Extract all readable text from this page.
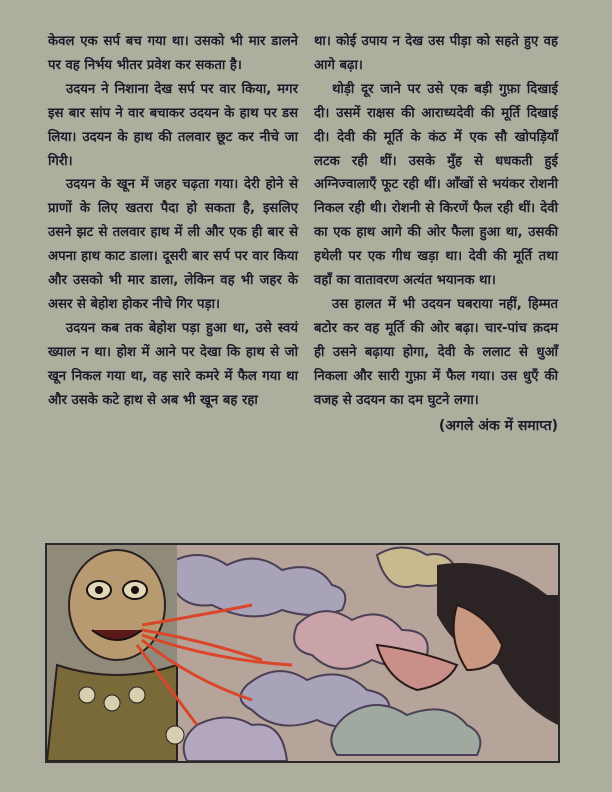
केवल एक सर्प बच गया था। उसको भी मार डालने पर वह निर्भय भीतर प्रवेश कर सकता है।

उदयन ने निशाना देख सर्प पर वार किया, मगर इस बार सांप ने वार बचाकर उदयन के हाथ पर डस लिया। उदयन के हाथ की तलवार छूट कर नीचे जा गिरी।

उदयन के खून में जहर चढ़ता गया। देरी होने से प्राणों के लिए खतरा पैदा हो सकता है, इसलिए उसने झट से तलवार हाथ में ली और एक ही बार से अपना हाथ काट डाला। दूसरी बार सर्प पर वार किया और उसको भी मार डाला, लेकिन वह भी जहर के असर से बेहोश होकर नीचे गिर पड़ा।

उदयन कब तक बेहोश पड़ा हुआ था, उसे स्वयं ख्याल न था। होश में आने पर देखा कि हाथ से जो खून निकल गया था, वह सारे कमरे में फैल गया था और उसके कटे हाथ से अब भी खून बह रहा

था। कोई उपाय न देख उस पीड़ा को सहते हुए वह आगे बढ़ा।

थोड़ी दूर जाने पर उसे एक बड़ी गुफ़ा दिखाई दी। उसमें राक्षस की आराध्यदेवी की मूर्ति दिखाई दी। देवी की मूर्ति के कंठ में एक सौ खोपड़ियाँ लटक रही थीं। उसके मुँह से धधकती हुई अग्निज्वालाएँ फूट रही थीं। आँखों से भयंकर रोशनी निकल रही थी। रोशनी से किरणें फैल रही थीं। देवी का एक हाथ आगे की ओर फैला हुआ था, उसकी हथेली पर एक गीध खड़ा था। देवी की मूर्ति तथा वहाँ का वातावरण अत्यंत भयानक था।

उस हालत में भी उदयन घबराया नहीं, हिम्मत बटोर कर वह मूर्ति की ओर बढ़ा। चार-पांच क़दम ही उसने बढ़ाया होगा, देवी के ललाट से धुआँ निकला और सारी गुफ़ा में फैल गया। उस धुएँ की वजह से उदयन का दम घुटने लगा।

(अगले अंक में समाप्त)
